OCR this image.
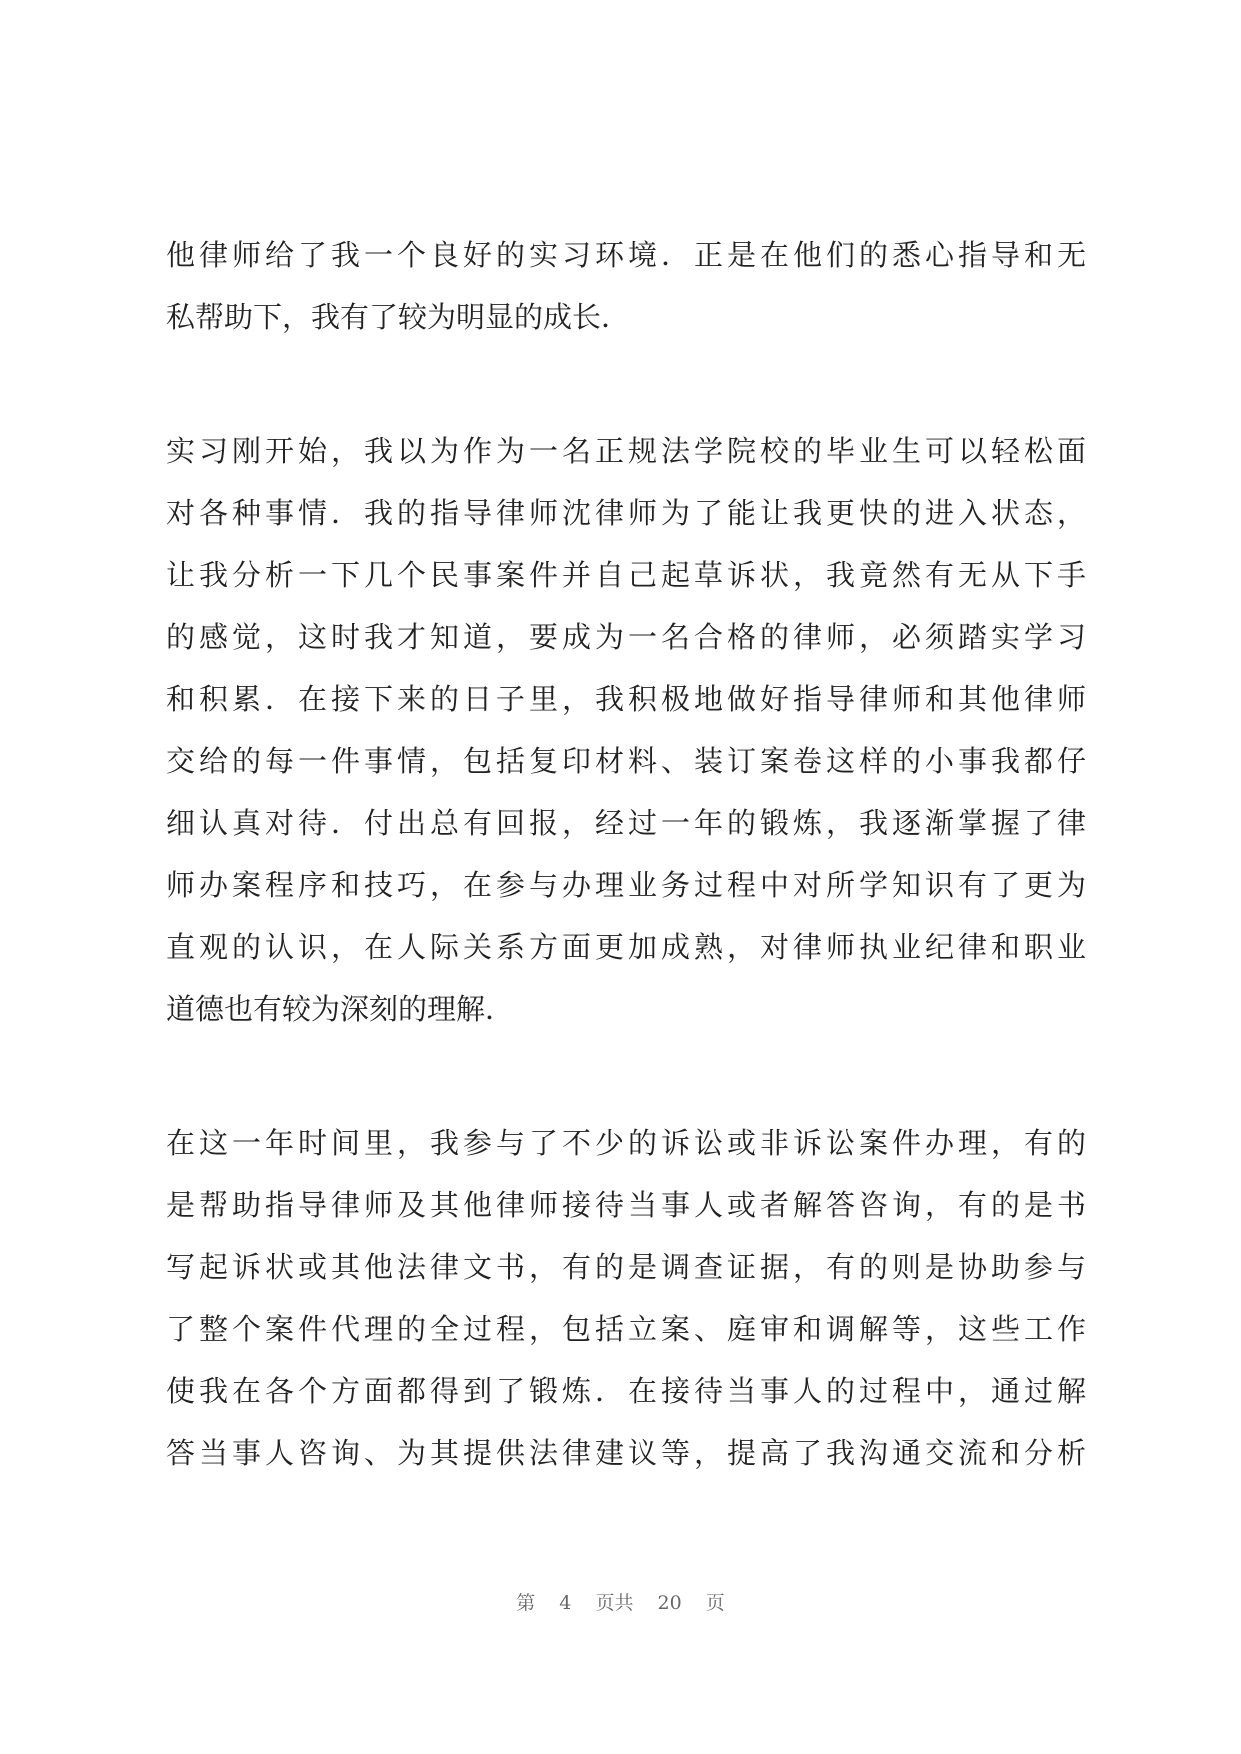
他律师给了我一个良好的实习环境．正是在他们的悉心指导和无
私帮助下，我有了较为明显的成长．
实习刚开始，我以为作为一名正规法学院校的毕业生可以轻松面
对各种事情．我的指导律师沈律师为了能让我更快的进入状态，
让我分析一下几个民事案件并自己起草诉状，我竟然有无从下手
的感觉，这时我才知道，要成为一名合格的律师，必须踏实学习
和积累．在接下来的日子里，我积极地做好指导律师和其他律师
交给的每一件事情，包括复印材料、装订案卷这样的小事我都仔
细认真对待．付出总有回报，经过一年的锻炼，我逐渐掌握了律
师办案程序和技巧，在参与办理业务过程中对所学知识有了更为
直观的认识，在人际关系方面更加成熟，对律师执业纪律和职业
道德也有较为深刻的理解．
在这一年时间里，我参与了不少的诉讼或非诉讼案件办理，有的
是帮助指导律师及其他律师接待当事人或者解答咨询，有的是书
写起诉状或其他法律文书，有的是调查证据，有的则是协助参与
了整个案件代理的全过程，包括立案、庭审和调解等，这些工作
使我在各个方面都得到了锻炼．在接待当事人的过程中，通过解
答当事人咨询、为其提供法律建议等，提高了我沟通交流和分析
第 4 页共 20 页
